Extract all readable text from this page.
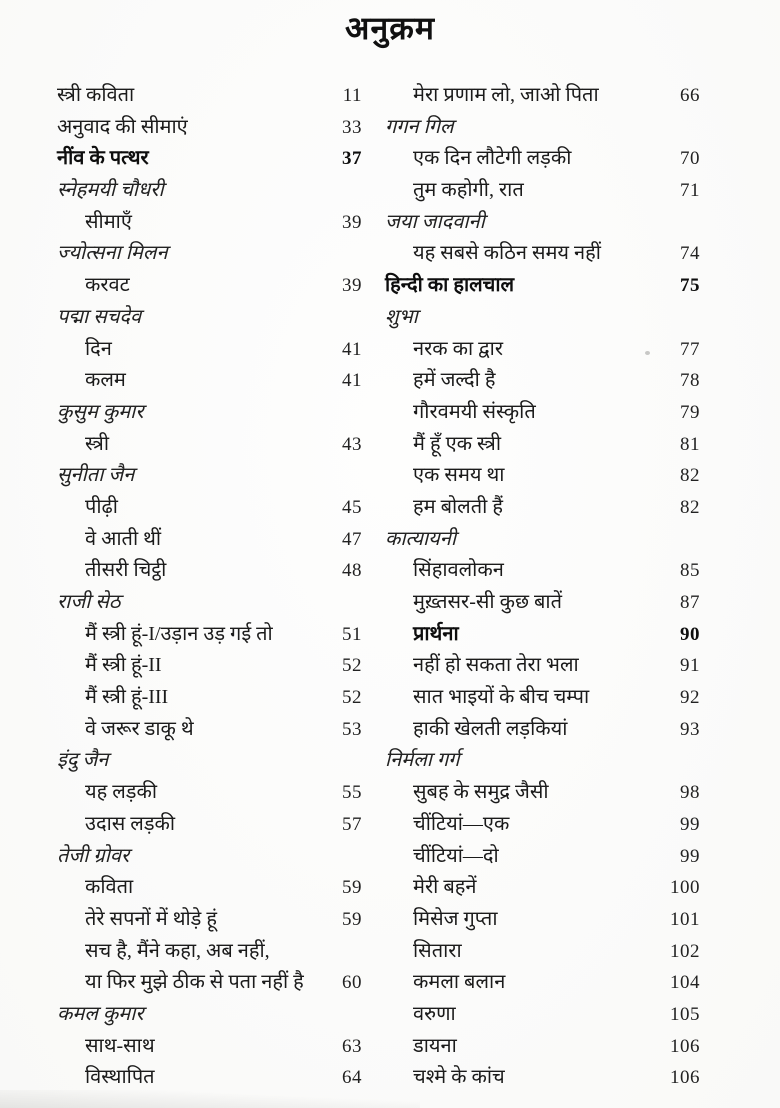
अनुक्रम
स्त्री कविता	11
अनुवाद की सीमाएं	33
नींव के पत्थर	37
स्नेहमयी चौधरी
सीमाएँ	39
ज्योत्सना मिलन
करवट	39
पद्मा सचदेव
दिन	41
कलम	41
कुसुम कुमार
स्त्री	43
सुनीता जैन
पीढ़ी	45
वे आती थीं	47
तीसरी चिट्ठी	48
राजी सेठ
मैं स्त्री हूं-I/उड़ान उड़ गई तो	51
मैं स्त्री हूं-II	52
मैं स्त्री हूं-III	52
वे जरूर डाकू थे	53
इंदु जैन
यह लड़की	55
उदास लड़की	57
तेजी ग्रोवर
कविता	59
तेरे सपनों में थोड़े हूं	59
सच है, मैंने कहा, अब नहीं,
या फिर मुझे ठीक से पता नहीं है	60
कमल कुमार
साथ-साथ	63
विस्थापित	64
मेरा प्रणाम लो, जाओ पिता	66
गगन गिल
एक दिन लौटेगी लड़की	70
तुम कहोगी, रात	71
जया जादवानी
यह सबसे कठिन समय नहीं	74
हिन्दी का हालचाल	75
शुभा
नरक का द्वार	77
हमें जल्दी है	78
गौरवमयी संस्कृति	79
मैं हूँ एक स्त्री	81
एक समय था	82
हम बोलती हैं	82
कात्यायनी
सिंहावलोकन	85
मुख़्तसर-सी कुछ बातें	87
प्रार्थना	90
नहीं हो सकता तेरा भला	91
सात भाइयों के बीच चम्पा	92
हाकी खेलती लड़कियां	93
निर्मला गर्ग
सुबह के समुद्र जैसी	98
चींटियां—एक	99
चींटियां—दो	99
मेरी बहनें	100
मिसेज गुप्ता	101
सितारा	102
कमला बलान	104
वरुणा	105
डायना	106
चश्मे के कांच	106
